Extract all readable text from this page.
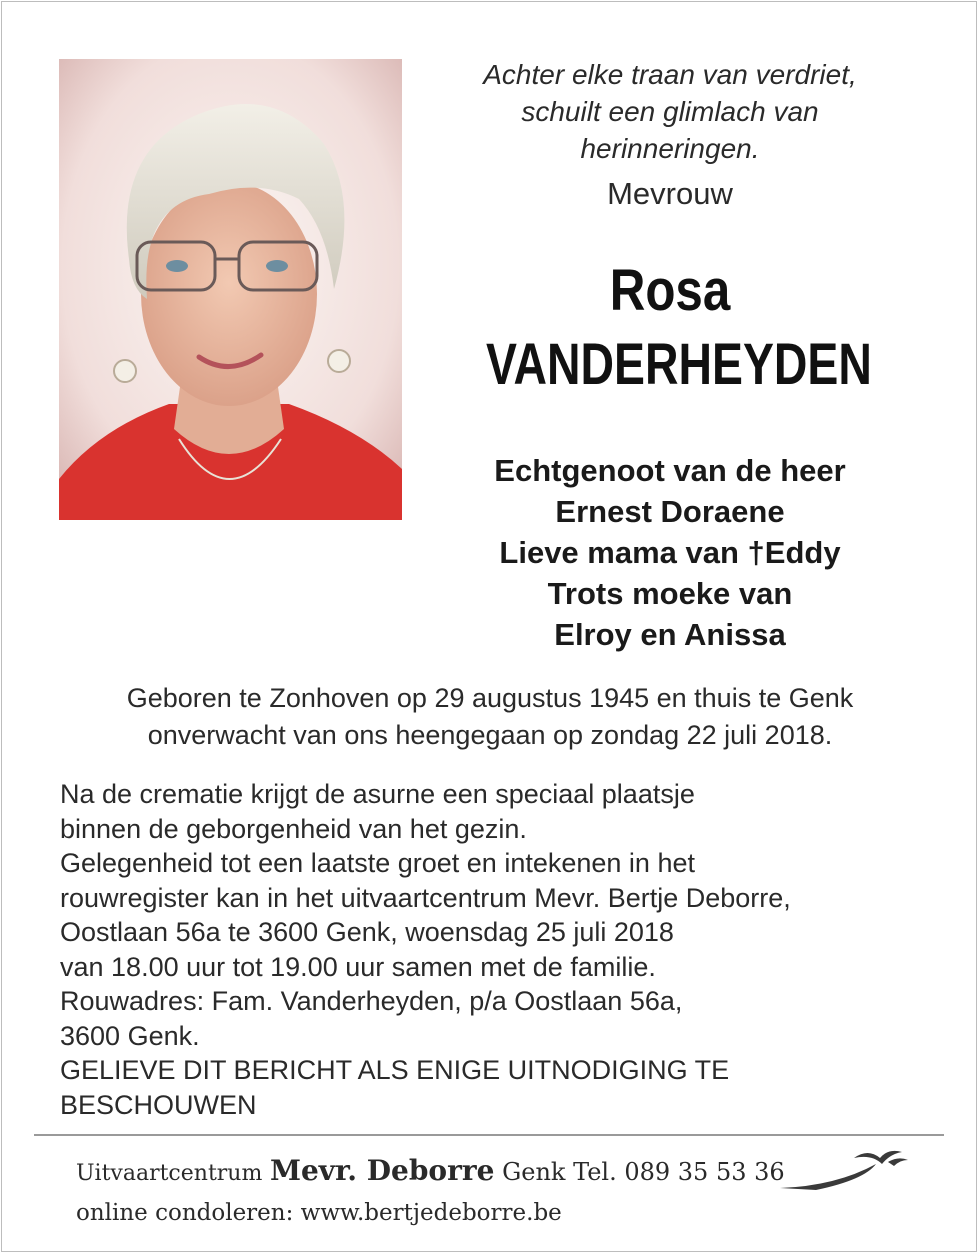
Achter elke traan van verdriet,
schuilt een glimlach van
herinneringen.
Mevrouw
Rosa
VANDERHEYDEN
Echtgenoot van de heer
Ernest Doraene
Lieve mama van †Eddy
Trots moeke van
Elroy en Anissa
Geboren te Zonhoven op 29 augustus 1945 en thuis te Genk
onverwacht van ons heengegaan op zondag 22 juli 2018.
Na de crematie krijgt de asurne een speciaal plaatsje
binnen de geborgenheid van het gezin.
Gelegenheid tot een laatste groet en intekenen in het
rouwregister kan in het uitvaartcentrum Mevr. Bertje Deborre,
Oostlaan 56a te 3600 Genk, woensdag 25 juli 2018
van 18.00 uur tot 19.00 uur samen met de familie.
Rouwadres: Fam. Vanderheyden, p/a Oostlaan 56a,
3600 Genk.
GELIEVE DIT BERICHT ALS ENIGE UITNODIGING TE
BESCHOUWEN
Uitvaartcentrum Mevr. Deborre Genk Tel. 089 35 53 36
online condoleren: www.bertjedeborre.be
